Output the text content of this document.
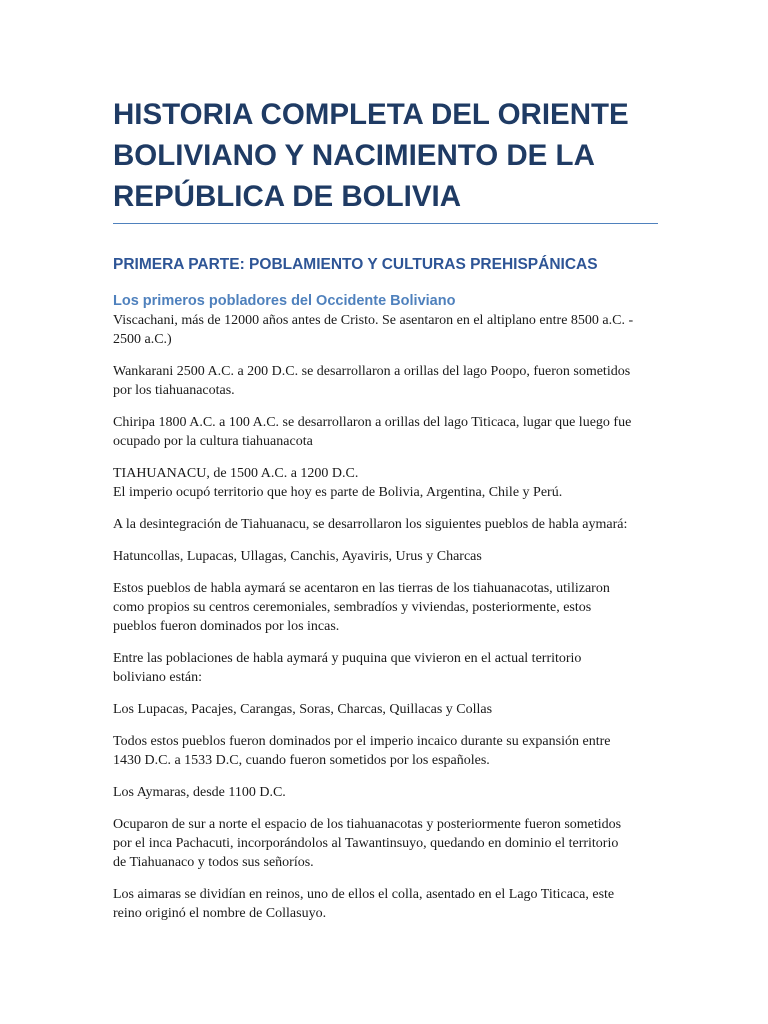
HISTORIA COMPLETA DEL ORIENTE
BOLIVIANO Y NACIMIENTO DE LA
REPÚBLICA DE BOLIVIA
PRIMERA PARTE: POBLAMIENTO Y CULTURAS PREHISPÁNICAS
Los primeros pobladores del Occidente Boliviano

Viscachani, más de 12000 años antes de Cristo. Se asentaron en el altiplano entre 8500 a.C. -
2500 a.C.)

Wankarani 2500 A.C. a 200 D.C. se desarrollaron a orillas del lago Poopo, fueron sometidos
por los tiahuanacotas.

Chiripa 1800 A.C. a 100 A.C. se desarrollaron a orillas del lago Titicaca, lugar que luego fue
ocupado por la cultura tiahuanacota

TIAHUANACU, de 1500 A.C. a 1200 D.C.
El imperio ocupó territorio que hoy es parte de Bolivia, Argentina, Chile y Perú.

A la desintegración de Tiahuanacu, se desarrollaron los siguientes pueblos de habla aymará:

Hatuncollas, Lupacas, Ullagas, Canchis, Ayaviris, Urus y Charcas

Estos pueblos de habla aymará se acentaron en las tierras de los tiahuanacotas, utilizaron
como propios su centros ceremoniales, sembradíos y viviendas, posteriormente, estos
pueblos fueron dominados por los incas.

Entre las poblaciones de habla aymará y puquina que vivieron en el actual territorio
boliviano están:

Los Lupacas, Pacajes, Carangas, Soras, Charcas, Quillacas y Collas

Todos estos pueblos fueron dominados por el imperio incaico durante su expansión entre
1430 D.C. a 1533 D.C, cuando fueron sometidos por los españoles.

Los Aymaras, desde 1100 D.C.

Ocuparon de sur a norte el espacio de los tiahuanacotas y posteriormente fueron sometidos
por el inca Pachacuti, incorporándolos al Tawantinsuyo, quedando en dominio el territorio
de Tiahuanaco y todos sus señoríos.

Los aimaras se dividían en reinos, uno de ellos el colla, asentado en el Lago Titicaca, este
reino originó el nombre de Collasuyo.
